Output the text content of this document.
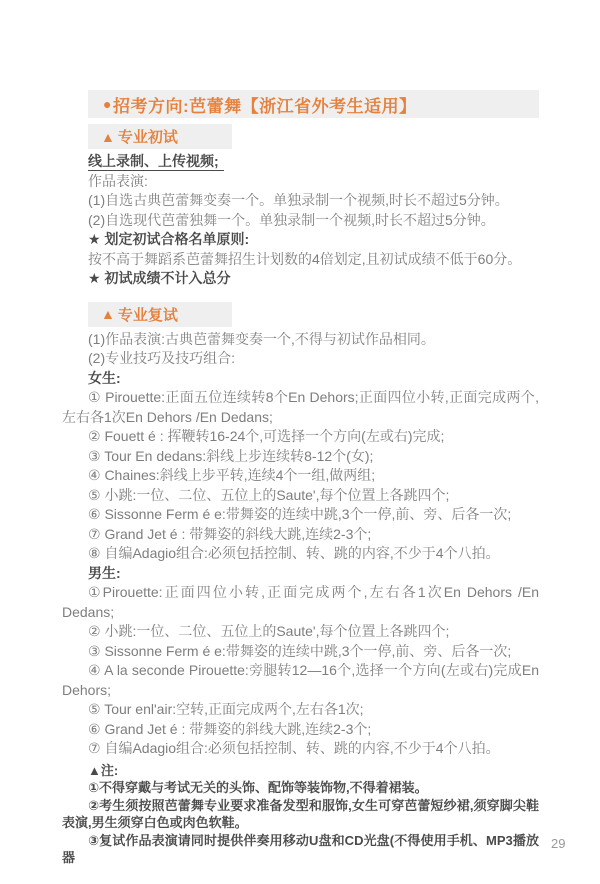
● 招考方向:芭蕾舞【浙江省外考生适用】
▲ 专业初试

线上录制、上传视频;

作品表演:

(1)自选古典芭蕾舞变奏一个。单独录制一个视频,时长不超过5分钟。

(2)自选现代芭蕾独舞一个。单独录制一个视频,时长不超过5分钟。

★ 划定初试合格名单原则:

按不高于舞蹈系芭蕾舞招生计划数的4倍划定,且初试成绩不低于60分。

★ 初试成绩不计入总分

▲ 专业复试

(1)作品表演:古典芭蕾舞变奏一个,不得与初试作品相同。

(2)专业技巧及技巧组合:

女生:

① Pirouette:正面五位连续转8个En Dehors;正面四位小转,正面完成两个,左右各1次En Dehors /En Dedans;

② Fouett é : 挥鞭转16-24个,可选择一个方向(左或右)完成;

③ Tour En dedans:斜线上步连续转8-12个(女);

④ Chaines:斜线上步平转,连续4个一组,做两组;

⑤ 小跳:一位、二位、五位上的Saute',每个位置上各跳四个;

⑥ Sissonne Ferm é e:带舞姿的连续中跳,3个一停,前、旁、后各一次;

⑦ Grand Jet é : 带舞姿的斜线大跳,连续2-3个;

⑧ 自编Adagio组合:必须包括控制、转、跳的内容,不少于4个八拍。

男生:

①Pirouette:正面四位小转,正面完成两个,左右各1次En Dehors /En Dedans;

② 小跳:一位、二位、五位上的Saute',每个位置上各跳四个;

③ Sissonne Ferm é e:带舞姿的连续中跳,3个一停,前、旁、后各一次;

④ A la seconde Pirouette:旁腿转12—16个,选择一个方向(左或右)完成En Dehors;

⑤ Tour enl'air:空转,正面完成两个,左右各1次;

⑥ Grand Jet é : 带舞姿的斜线大跳,连续2-3个;

⑦ 自编Adagio组合:必须包括控制、转、跳的内容,不少于4个八拍。

▲注:

①不得穿戴与考试无关的头饰、配饰等装饰物,不得着裙装。

②考生须按照芭蕾舞专业要求准备发型和服饰,女生可穿芭蕾短纱裙,须穿脚尖鞋表演,男生须穿白色或肉色软鞋。

③复试作品表演请同时提供伴奏用移动U盘和CD光盘(不得使用手机、MP3播放器

29
